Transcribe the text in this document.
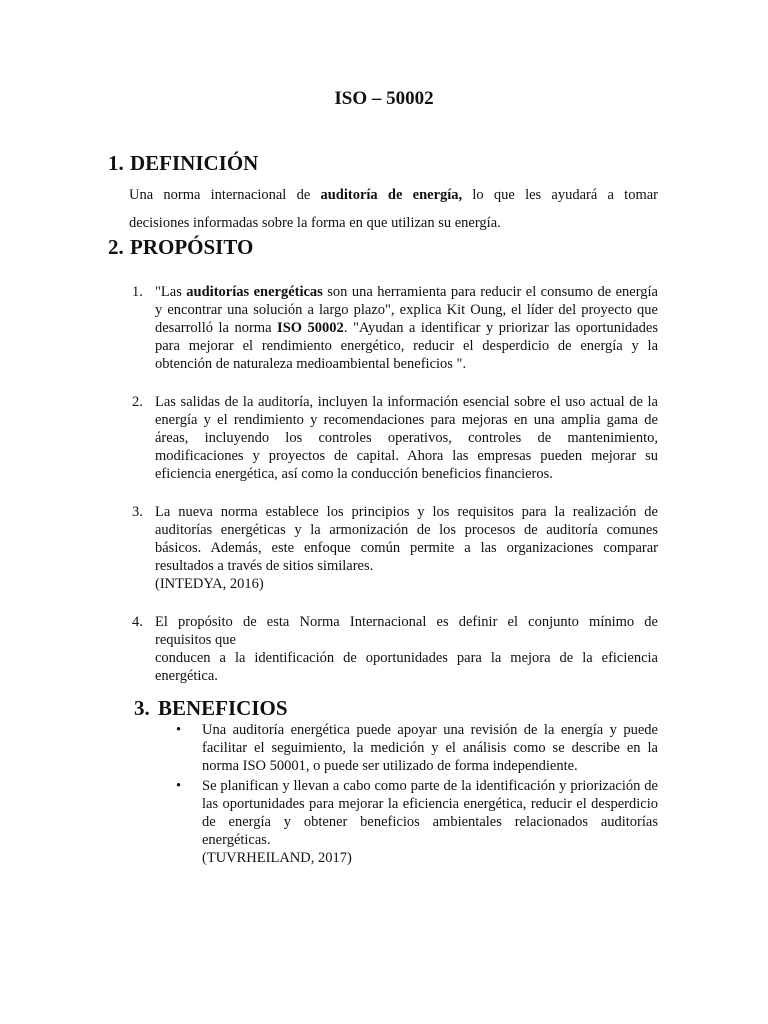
ISO – 50002
1. DEFINICIÓN
Una norma internacional de auditoría de energía, lo que les ayudará a tomar
decisiones informadas sobre la forma en que utilizan su energía.
2. PROPÓSITO
1. "Las auditorías energéticas son una herramienta para reducir el consumo de energía y encontrar una solución a largo plazo", explica Kit Oung, el líder del proyecto que desarrolló la norma ISO 50002. "Ayudan a identificar y priorizar las oportunidades para mejorar el rendimiento energético, reducir el desperdicio de energía y la obtención de naturaleza medioambiental beneficios ".
2. Las salidas de la auditoría, incluyen la información esencial sobre el uso actual de la energía y el rendimiento y recomendaciones para mejoras en una amplia gama de áreas, incluyendo los controles operativos, controles de mantenimiento, modificaciones y proyectos de capital. Ahora las empresas pueden mejorar su eficiencia energética, así como la conducción beneficios financieros.
3. La nueva norma establece los principios y los requisitos para la realización de auditorías energéticas y la armonización de los procesos de auditoría comunes básicos. Además, este enfoque común permite a las organizaciones comparar resultados a través de sitios similares.
(INTEDYA, 2016)
4. El propósito de esta Norma Internacional es definir el conjunto mínimo de
requisitos que
conducen a la identificación de oportunidades para la mejora de la eficiencia energética.
3. BENEFICIOS
• Una auditoría energética puede apoyar una revisión de la energía y puede facilitar el seguimiento, la medición y el análisis como se describe en la norma ISO 50001, o puede ser utilizado de forma independiente.
• Se planifican y llevan a cabo como parte de la identificación y priorización de las oportunidades para mejorar la eficiencia energética, reducir el desperdicio de energía y obtener beneficios ambientales relacionados auditorías energéticas.
(TUVRHEILAND, 2017)
